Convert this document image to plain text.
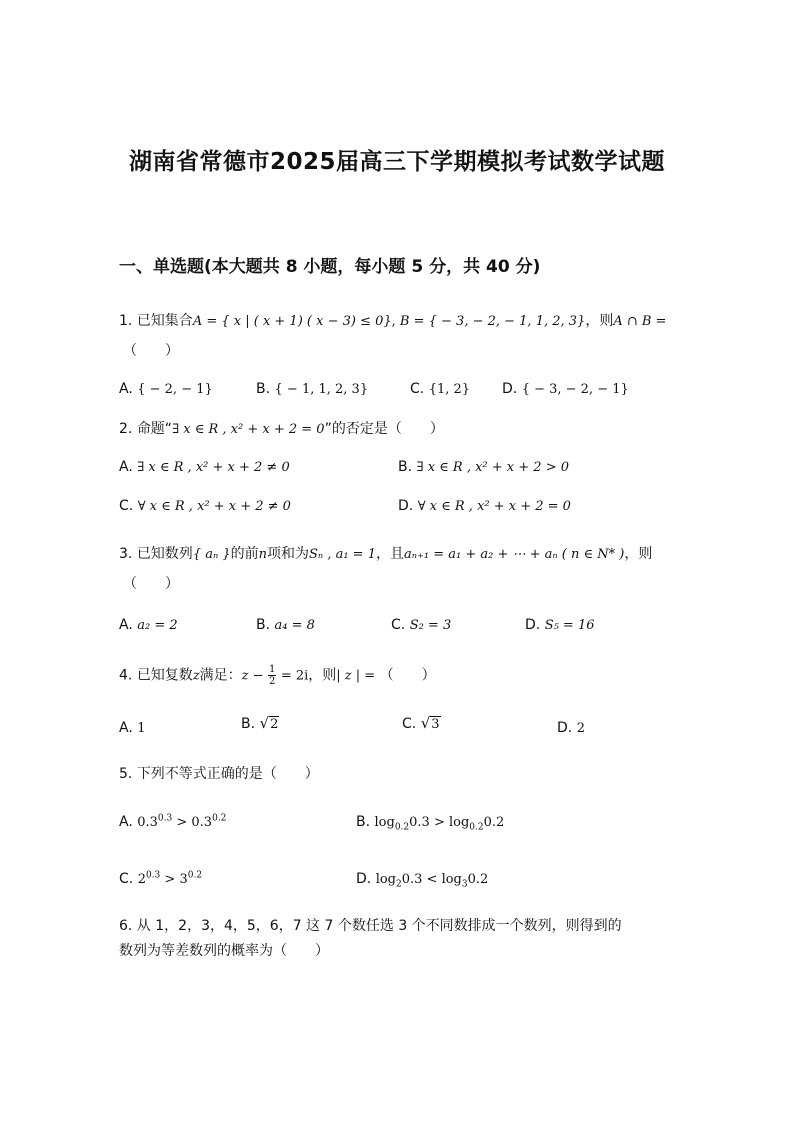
湖南省常德市2025届高三下学期模拟考试数学试题
一、单选题(本大题共 8 小题，每小题 5 分，共 40 分)
1. 已知集合A = { x | ( x + 1) ( x − 3) ≤ 0}, B = { − 3, − 2, − 1, 1, 2, 3}，则A ∩ B =
（　　）
A. { − 2, − 1}	B. { − 1, 1, 2, 3}	C. {1, 2} D. { − 3, − 2, − 1}
2. 命题“∃ x ∈ R , x² + x + 2 = 0”的否定是（　　）
A. ∃ x ∈ R , x² + x + 2 ≠ 0	B. ∃ x ∈ R , x² + x + 2 > 0
C. ∀ x ∈ R , x² + x + 2 ≠ 0	D. ∀ x ∈ R , x² + x + 2 = 0
3. 已知数列{ aₙ }的前n项和为Sₙ , a₁ = 1，且aₙ₊₁ = a₁ + a₂ + ⋯ + aₙ ( n ∈ N* )，则
（　　）
A. a₂ = 2	B. a₄ = 8	C. S₂ = 3	D. S₅ = 16
4. 已知复数z满足：$z - \frac{1}{2} = 2i$，则| z | = （　　）
A. 1	B. √2	C. √3	D. 2
5. 下列不等式正确的是（　　）
A. $0.3^{0.3} > 0.3^{0.2}$	B. $\log_{0.2}0.3 > \log_{0.2}0.2$
C. $2^{0.3} > 3^{0.2}$	D. $\log_20.3 < \log_30.2$
6. 从 1，2，3，4，5，6，7 这 7 个数任选 3 个不同数排成一个数列，则得到的
数列为等差数列的概率为（　　）
